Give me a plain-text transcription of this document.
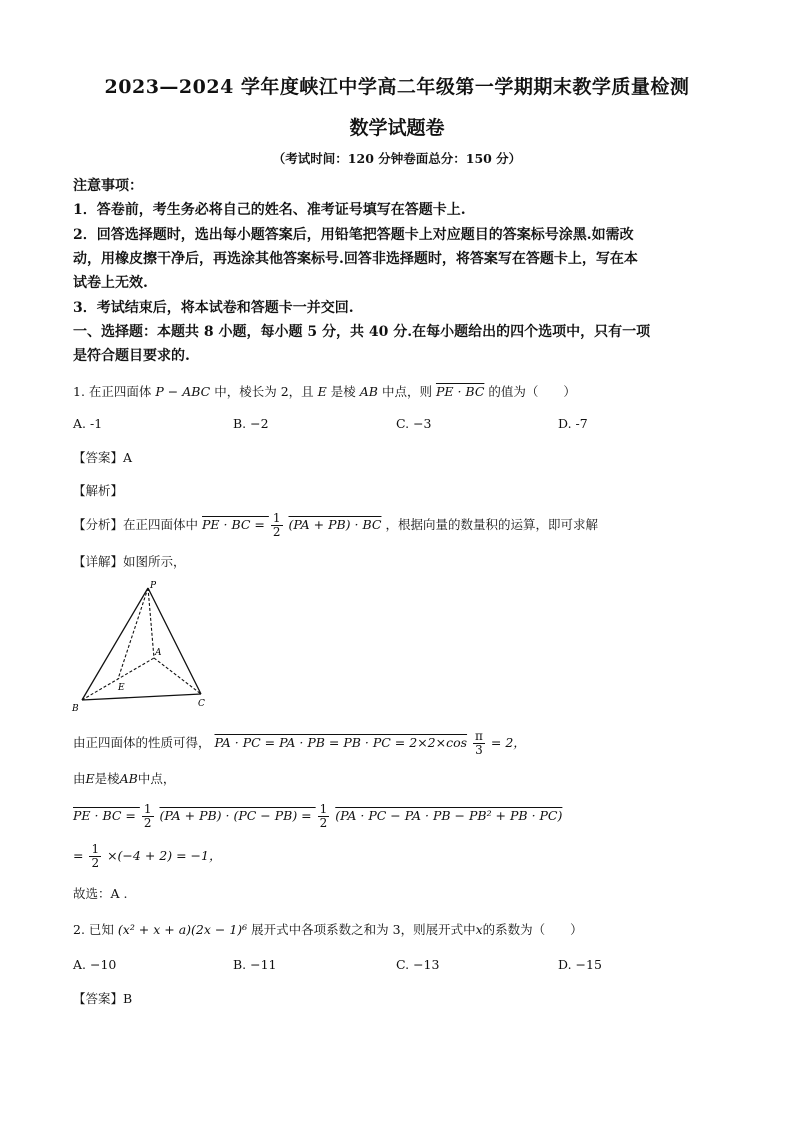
2023—2024 学年度峡江中学高二年级第一学期期末教学质量检测
数学试题卷
（考试时间：120 分钟卷面总分：150 分）
注意事项：
1．答卷前，考生务必将自己的姓名、准考证号填写在答题卡上.
2．回答选择题时，选出每小题答案后，用铅笔把答题卡上对应题目的答案标号涂黑.如需改
动，用橡皮擦干净后，再选涂其他答案标号.回答非选择题时，将答案写在答题卡上，写在本
试卷上无效.
3．考试结束后，将本试卷和答题卡一并交回.
一、选择题：本题共 8 小题，每小题 5 分，共 40 分.在每小题给出的四个选项中，只有一项
是符合题目要求的.
1. 在正四面体 P − ABC 中，棱长为 2，且 E 是棱 AB 中点，则 PE · BC 的值为（　　）
A. -1	B. −2	C. −3	D. -7
【答案】A
【解析】
【分析】在正四面体中 PE · BC = $\frac{1}{2} (PA + PB)$ · BC ，根据向量的数量积的运算，即可求解
【详解】如图所示，
P
A
B	C
E
由正四面体的性质可得， PA · PC = PA · PB = PB · PC = $2\times 2\times\cos \frac{\pi}{3} = 2$，
由E是棱AB中点，
PE · BC = $\frac{1}{2} (PA + PB) \cdot (PC - PB) = \frac{1}{2} (PA$ · PC − PA · PB − PB² + PB · PC)
= $\frac{1}{2} \times(-4 + 2) = -1$，
故选：A .
2. 已知 (x² + x + a)(2x − 1)⁶ 展开式中各项系数之和为 3，则展开式中x的系数为（　　）
A. −10	B. −11	C. −13	D. −15
【答案】B
